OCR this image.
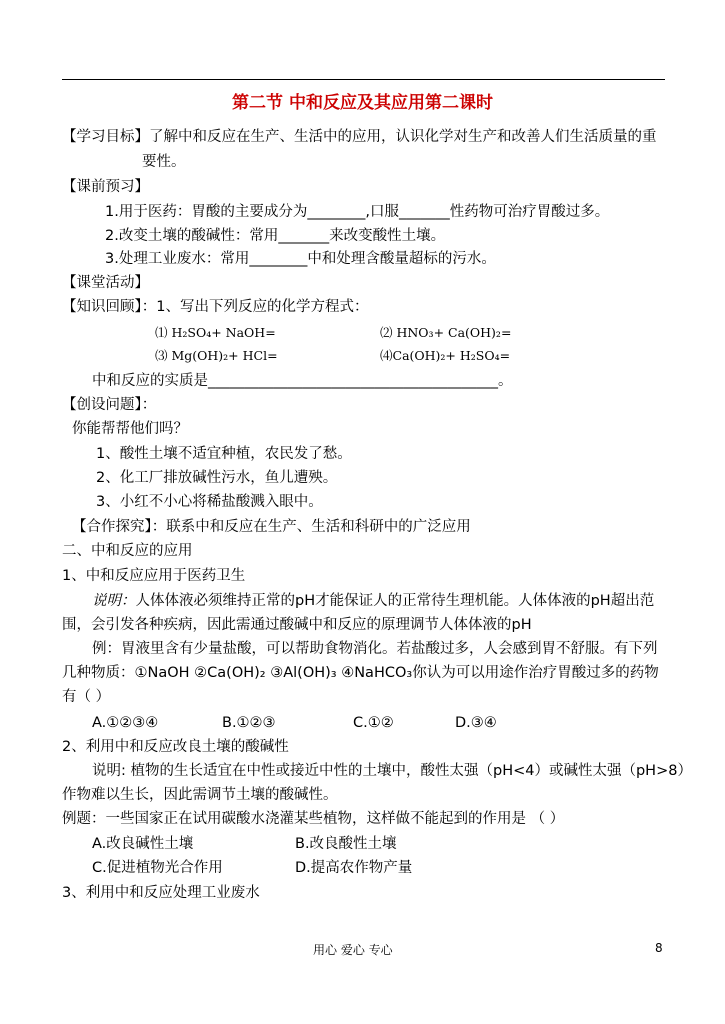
第二节 中和反应及其应用第二课时
【学习目标】了解中和反应在生产、生活中的应用，认识化学对生产和改善人们生活质量的重
要性。
【课前预习】
1.用于医药：胃酸的主要成分为________,口服_______性药物可治疗胃酸过多。
2.改变土壤的酸碱性：常用_______来改变酸性土壤。
3.处理工业废水：常用________中和处理含酸量超标的污水。
【课堂活动】
【知识回顾】：1、写出下列反应的化学方程式：
⑴ H₂SO₄+ NaOH=	⑵ HNO₃+ Ca(OH)₂=
⑶ Mg(OH)₂+ HCl=	⑷Ca(OH)₂+ H₂SO₄=
中和反应的实质是________________________________________。
【创设问题】：
你能帮帮他们吗？
1、酸性土壤不适宜种植，农民发了愁。
2、化工厂排放碱性污水，鱼儿遭殃。
3、小红不小心将稀盐酸溅入眼中。
【合作探究】：联系中和反应在生产、生活和科研中的广泛应用
二、中和反应的应用
1、中和反应应用于医药卫生
说明：人体体液必须维持正常的pH才能保证人的正常待生理机能。人体体液的pH超出范
围，会引发各种疾病，因此需通过酸碱中和反应的原理调节人体体液的pH
例：胃液里含有少量盐酸，可以帮助食物消化。若盐酸过多，人会感到胃不舒服。有下列
几种物质：①NaOH ②Ca(OH)₂ ③Al(OH)₃ ④NaHCO₃你认为可以用途作治疗胃酸过多的药物
有（ ）
A.①②③④	B.①②③	C.①②	D.③④
2、利用中和反应改良土壤的酸碱性
说明: 植物的生长适宜在中性或接近中性的土壤中，酸性太强（pH<4）或碱性太强（pH>8）
作物难以生长，因此需调节土壤的酸碱性。
例题：一些国家正在试用碳酸水浇灌某些植物，这样做不能起到的作用是 （ ）
A.改良碱性土壤	B.改良酸性土壤
C.促进植物光合作用	D.提高农作物产量
3、利用中和反应处理工业废水
用心 爱心 专心	8
